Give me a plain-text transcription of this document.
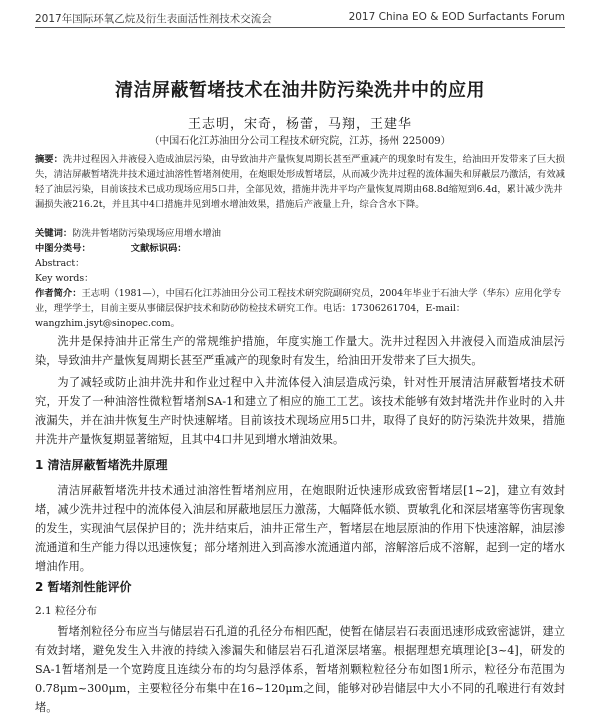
2017年国际环氧乙烷及衍生表面活性剂技术交流会	2017 China EO & EOD Surfactants Forum
清洁屏蔽暂堵技术在油井防污染洗井中的应用
王志明，宋奇，杨蕾，马翔，王建华
（中国石化江苏油田分公司工程技术研究院，江苏，扬州 225009）
摘要：洗井过程因入井液侵入造成油层污染，由导致油井产量恢复周期长甚至严重减产的现象时有发生，给油田开发带来了巨大损失，清洁屏蔽暂堵洗井技术通过油溶性暂堵剂使用，在炮眼处形成暂堵层，从而减少洗井过程的流体漏失和屏蔽层乃激活，有效减轻了油层污染，目前该技术已成功现场应用5口井，全部见效，措施井洗井平均产量恢复周期由68.8d缩短到6.4d，累计减少洗井漏损失液216.2t，并且其中4口措施井见到增水增油效果，措施后产液量上升，综合含水下降。
关键词：防洗井暂堵防污染现场应用增水增油
中图分类号：	文献标识码：
Abstract：
Key words：
作者简介：王志明（1981—），中国石化江苏油田分公司工程技术研究院副研究员，2004年毕业于石油大学（华东）应用化学专业，理学学士，目前主要从事储层保护技术和防砂防检技术研究工作。电话：17306261704，E-mail：wangzhim.jsyt@sinopec.com。
洗井是保持油井正常生产的常规维护措施，年度实施工作量大。洗井过程因入井液侵入而造成油层污染，导致油井产量恢复周期长甚至严重减产的现象时有发生，给油田开发带来了巨大损失。
为了减轻或防止油井洗井和作业过程中入井流体侵入油层造成污染，针对性开展清洁屏蔽暂堵技术研究，开发了一种油溶性微粒暂堵剂SA-1和建立了相应的施工工艺。该技术能够有效封堵洗井作业时的入井液漏失，并在油井恢复生产时快速解堵。目前该技术现场应用5口井，取得了良好的防污染洗井效果，措施井洗井产量恢复期显著缩短，且其中4口井见到增水增油效果。
1 清洁屏蔽暂堵洗井原理
清洁屏蔽暂堵洗井技术通过油溶性暂堵剂应用，在炮眼附近快速形成致密暂堵层[1~2]，建立有效封堵，减少洗井过程中的流体侵入油层和屏蔽地层压力激荡，大幅降低水锁、贾敏乳化和深层堵塞等伤害现象的发生，实现油气层保护目的；洗井结束后，油井正常生产，暂堵层在地层原油的作用下快速溶解，油层渗流通道和生产能力得以迅速恢复；部分堵剂进入到高渗水流通道内部，溶解溶后成不溶解，起到一定的堵水增油作用。
2 暂堵剂性能评价
2.1 粒径分布
暂堵剂粒径分布应当与储层岩石孔道的孔径分布相匹配，使暂在储层岩石表面迅速形成致密滤饼，建立有效封堵，避免发生入井液的持续入渗漏失和储层岩石孔道深层堵塞。根据理想充填理论[3~4]，研发的SA-1暂堵剂是一个宽跨度且连续分布的均匀悬浮体系，暂堵剂颗粒粒径分布如图1所示，粒径分布范围为0.78μm~300μm，主要粒径分布集中在16~120μm之间，能够对砂岩储层中大小不同的孔喉进行有效封堵。
